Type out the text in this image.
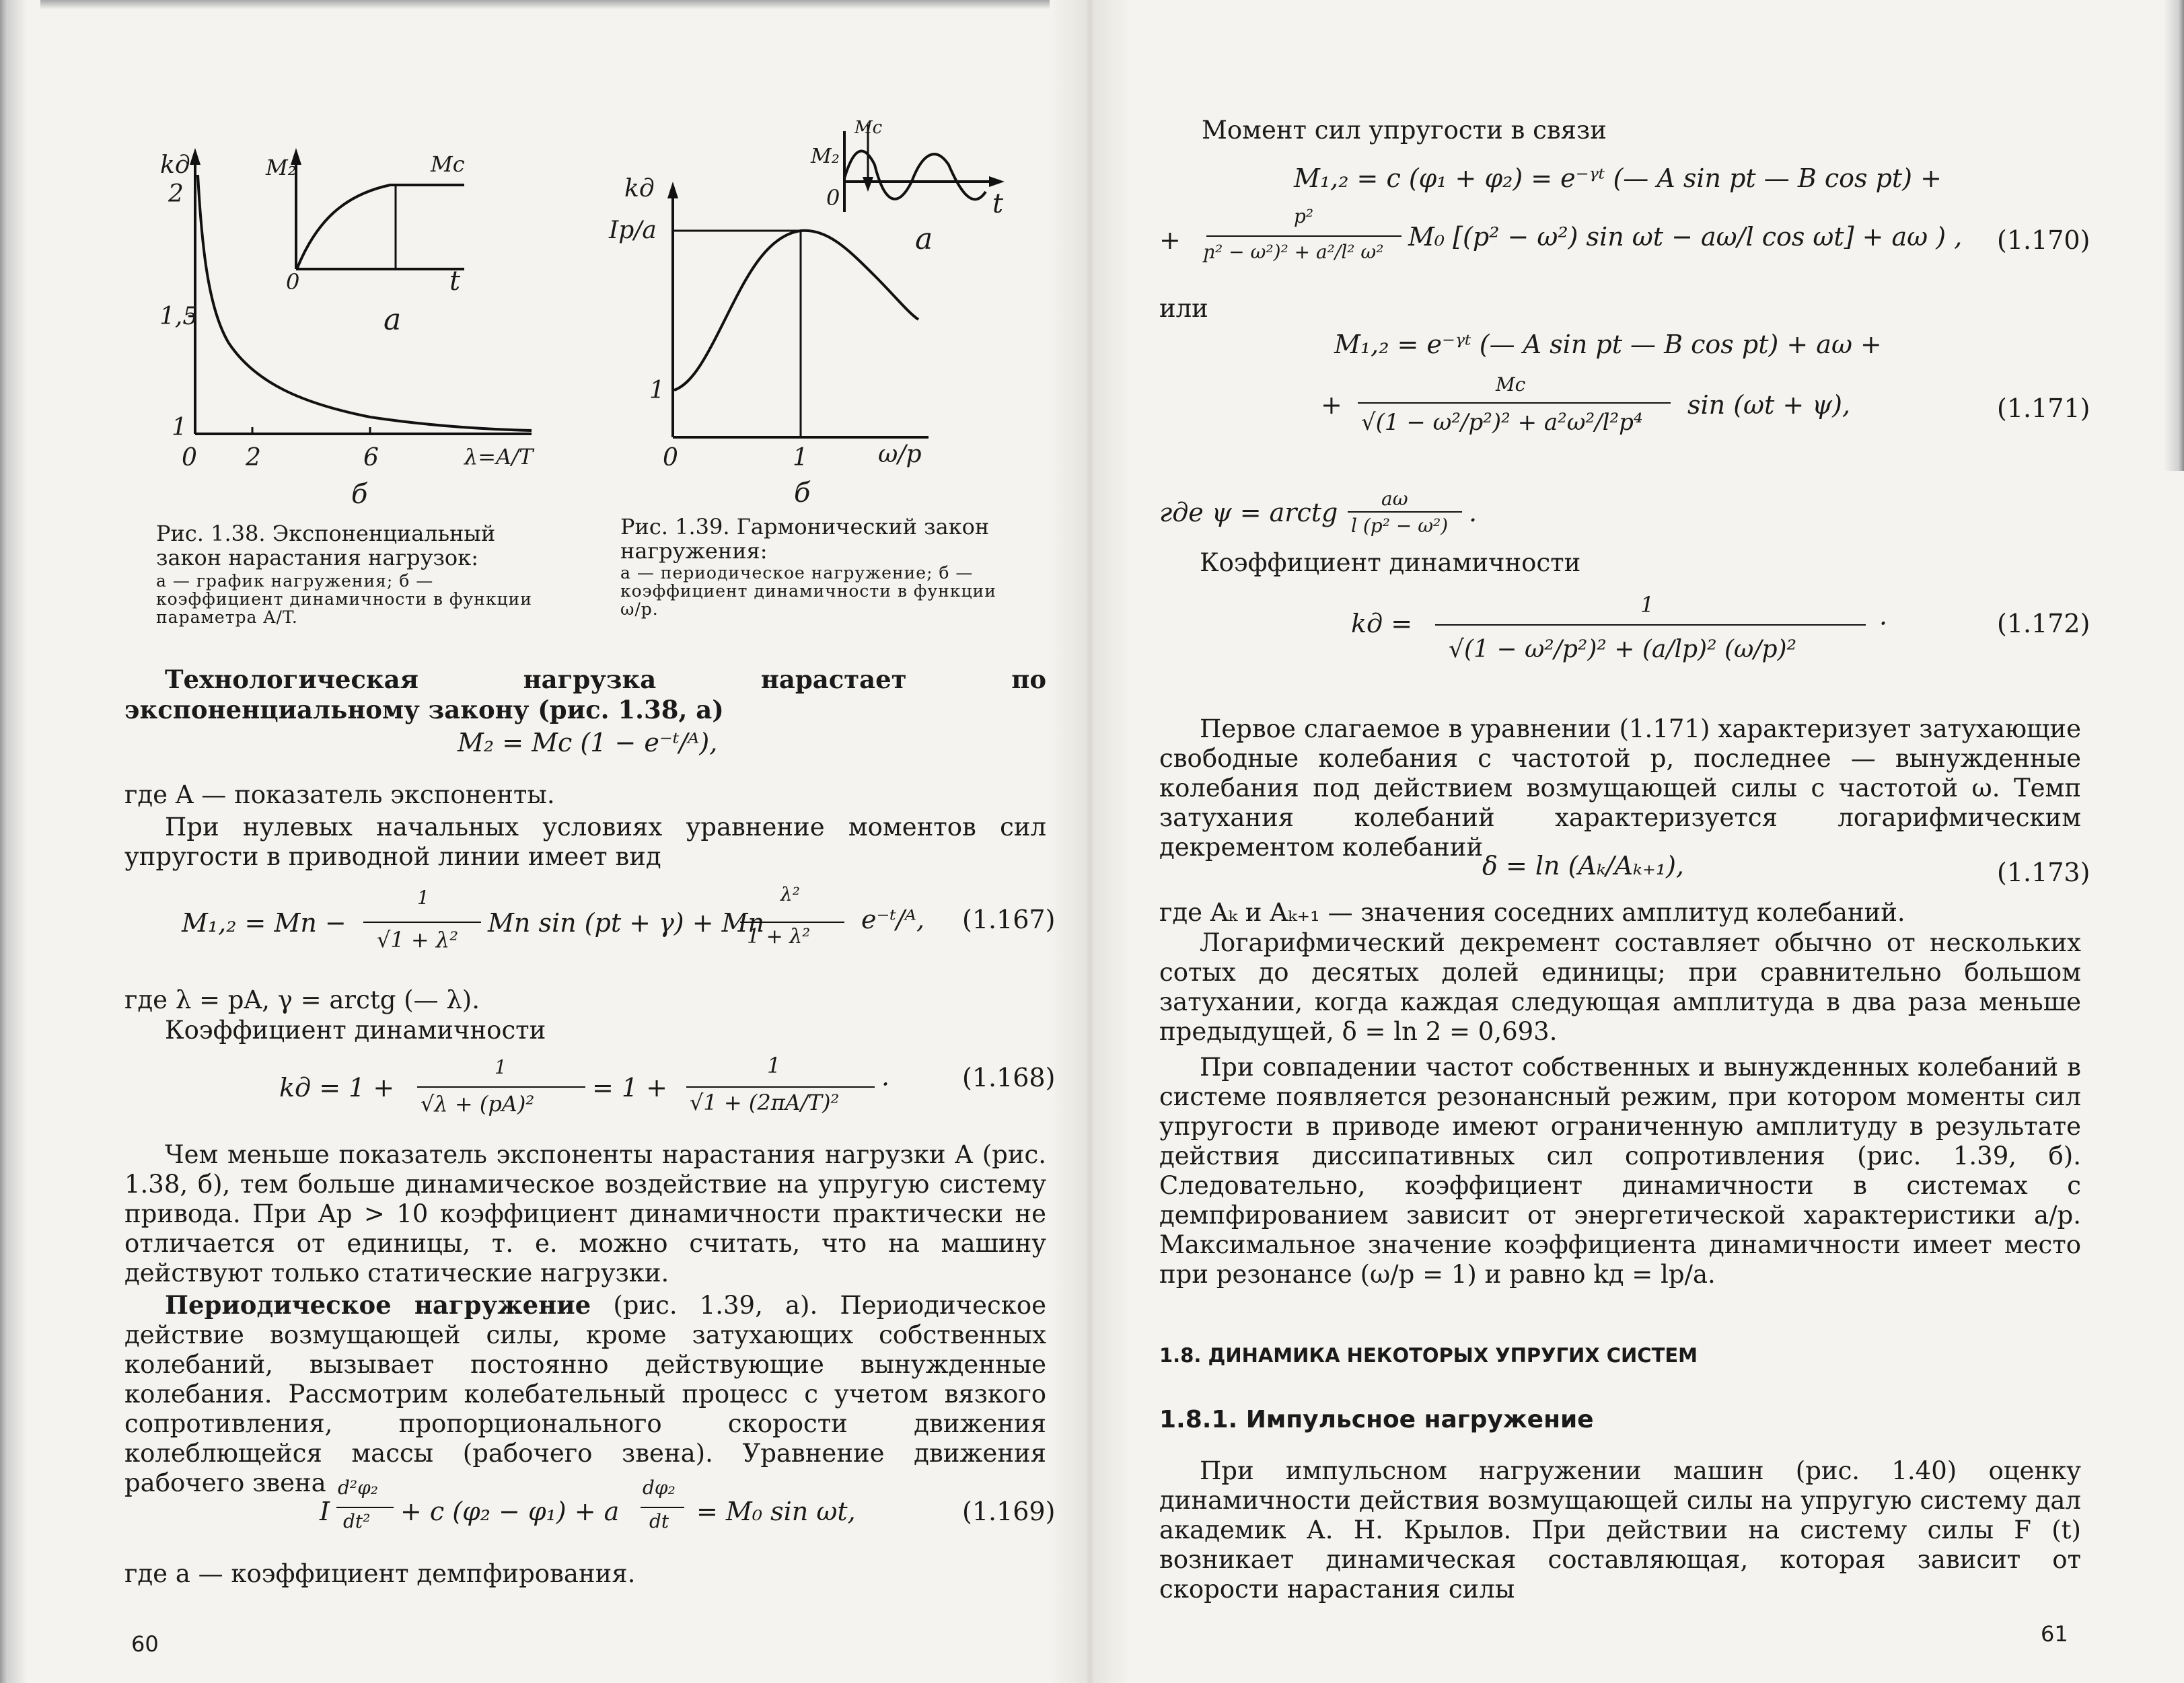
kд
2
1,5
1
0 2	6	λ=A/T
б
M₂	Mc
0	t
а
kд
Ip/a
1
0	1	ω/p
б
M₂
Mc
0	t
а
Рис. 1.38. Экспоненциальный закон нарастания нагрузок:
а — график нагружения; б — коэффициент динамичности в функции параметра A/T.
Рис. 1.39. Гармонический закон нагружения:
а — периодическое нагружение; б — коэффициент динамичности в функции ω/p.
Технологическая нагрузка нарастает по экспоненциальному закону (рис. 1.38, а)
M₂ = Mc (1 − e⁻ᵗ/ᴬ),
где A — показатель экспоненты.
При нулевых начальных условиях уравнение моментов сил упругости в приводной линии имеет вид
M₁,₂ = Mп −
1
√1 + λ²
Mп sin (pt + γ) + Mп
λ²
1 + λ²
e⁻ᵗ/ᴬ, (1.167)
где λ = pA, γ = arctg (— λ).
Коэффициент динамичности
kд = 1 +
1
√λ + (pA)²
= 1 +
1
√1 + (2πA/T)²
·	(1.168)
Чем меньше показатель экспоненты нарастания нагрузки A (рис. 1.38, б), тем больше динамическое воздействие на упругую систему привода. При Ap > 10 коэффициент динамичности практически не отличается от единицы, т. е. можно считать, что на машину действуют только статические нагрузки.
Периодическое нагружение (рис. 1.39, а). Периодическое действие возмущающей силы, кроме затухающих собственных колебаний, вызывает постоянно действующие вынужденные колебания. Рассмотрим колебательный процесс с учетом вязкого сопротивления, пропорционального скорости движения колеблющейся массы (рабочего звена). Уравнение движения рабочего звена
I
d²φ₂
dt² + c (φ₂ − φ₁) + a
dφ₂
dt = M₀ sin ωt,	(1.169)
где a — коэффициент демпфирования.
60
Момент сил упругости в связи
M₁,₂ = c (φ₁ + φ₂) = e⁻ᵞᵗ (— A sin pt — B cos pt) +
+
p²
ր² − ω²)² + a²/l² ω²
M₀ [(p² − ω²) sin ωt − aω/l cos ωt] + aω ) , (1.170)
или
M₁,₂ = e⁻ᵞᵗ (— A sin pt — B cos pt) + aω +
+
Mc
√(1 − ω²/p²)² + a²ω²/l²p⁴
sin (ωt + ψ),	(1.171)
где ψ = arctg aω
l (p² − ω²) .
Коэффициент динамичности
kд =
1
√(1 − ω²/p²)² + (a/lp)² (ω/p)²
·	(1.172)
Первое слагаемое в уравнении (1.171) характеризует затухающие свободные колебания с частотой p, последнее — вынужденные колебания под действием возмущающей силы с частотой ω. Темп затухания колебаний характеризуется логарифмическим декрементом колебаний
δ = ln (Aₖ/Aₖ₊₁),	(1.173)
где Aₖ и Aₖ₊₁ — значения соседних амплитуд колебаний.
Логарифмический декремент составляет обычно от нескольких сотых до десятых долей единицы; при сравнительно большом затухании, когда каждая следующая амплитуда в два раза меньше предыдущей, δ = ln 2 = 0,693.
При совпадении частот собственных и вынужденных колебаний в системе появляется резонансный режим, при котором моменты сил упругости в приводе имеют ограниченную амплитуду в результате действия диссипативных сил сопротивления (рис. 1.39, б). Следовательно, коэффициент динамичности в системах с демпфированием зависит от энергетической характеристики a/p. Максимальное значение коэффициента динамичности имеет место при резонансе (ω/p = 1) и равно kд = lp/a.
1.8. ДИНАМИКА НЕКОТОРЫХ УПРУГИХ СИСТЕМ
1.8.1. Импульсное нагружение
При импульсном нагружении машин (рис. 1.40) оценку динамичности действия возмущающей силы на упругую систему дал академик А. Н. Крылов. При действии на систему силы F (t) возникает динамическая составляющая, которая зависит от скорости нарастания силы
61
